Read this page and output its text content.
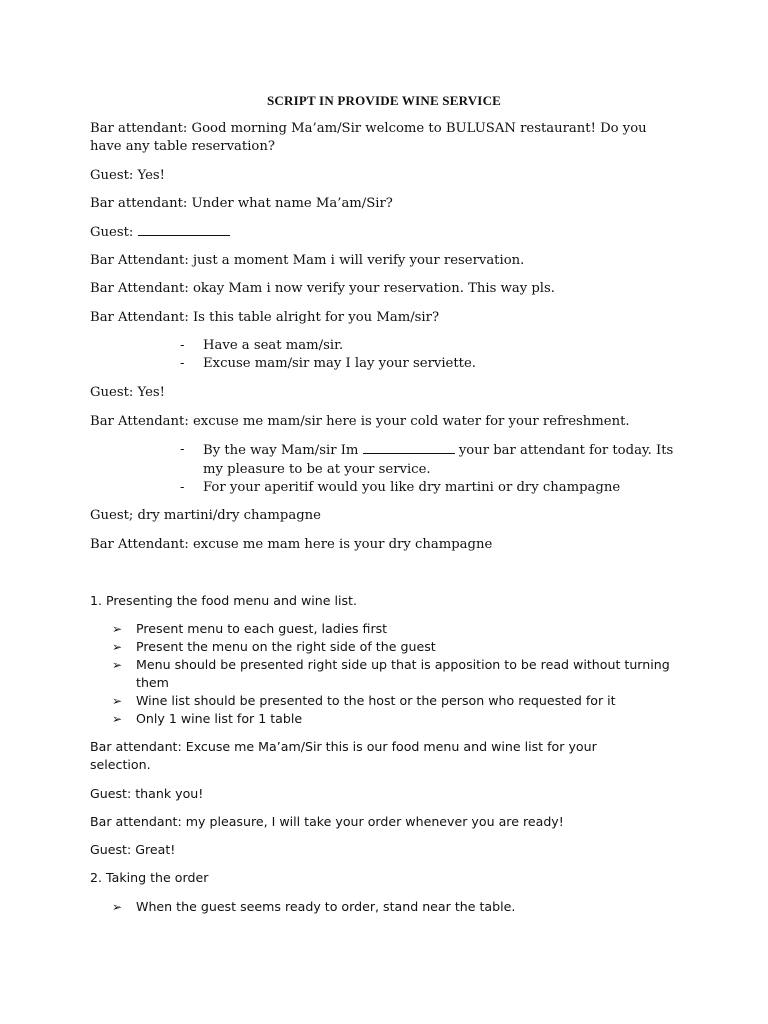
SCRIPT IN PROVIDE WINE SERVICE
Bar attendant: Good morning Ma’am/Sir welcome to BULUSAN restaurant! Do you
have any table reservation?
Guest: Yes!
Bar attendant: Under what name Ma’am/Sir?
Guest:
Bar Attendant: just a moment Mam i will verify your reservation.
Bar Attendant: okay Mam i now verify your reservation. This way pls.
Bar Attendant: Is this table alright for you Mam/sir?
- Have a seat mam/sir.
- Excuse mam/sir may I lay your serviette.
Guest: Yes!
Bar Attendant: excuse me mam/sir here is your cold water for your refreshment.
- By the way Mam/sir Im	your bar attendant for today. Its my pleasure to be at your service.
- For your aperitif would you like dry martini or dry champagne
Guest; dry martini/dry champagne
Bar Attendant: excuse me mam here is your dry champagne
1. Presenting the food menu and wine list.
➢ Present menu to each guest, ladies first
➢ Present the menu on the right side of the guest
➢ Menu should be presented right side up that is apposition to be read without turning them
➢ Wine list should be presented to the host or the person who requested for it
➢ Only 1 wine list for 1 table
Bar attendant: Excuse me Ma’am/Sir this is our food menu and wine list for your
selection.
Guest: thank you!
Bar attendant: my pleasure, I will take your order whenever you are ready!
Guest: Great!
2. Taking the order
➢ When the guest seems ready to order, stand near the table.
